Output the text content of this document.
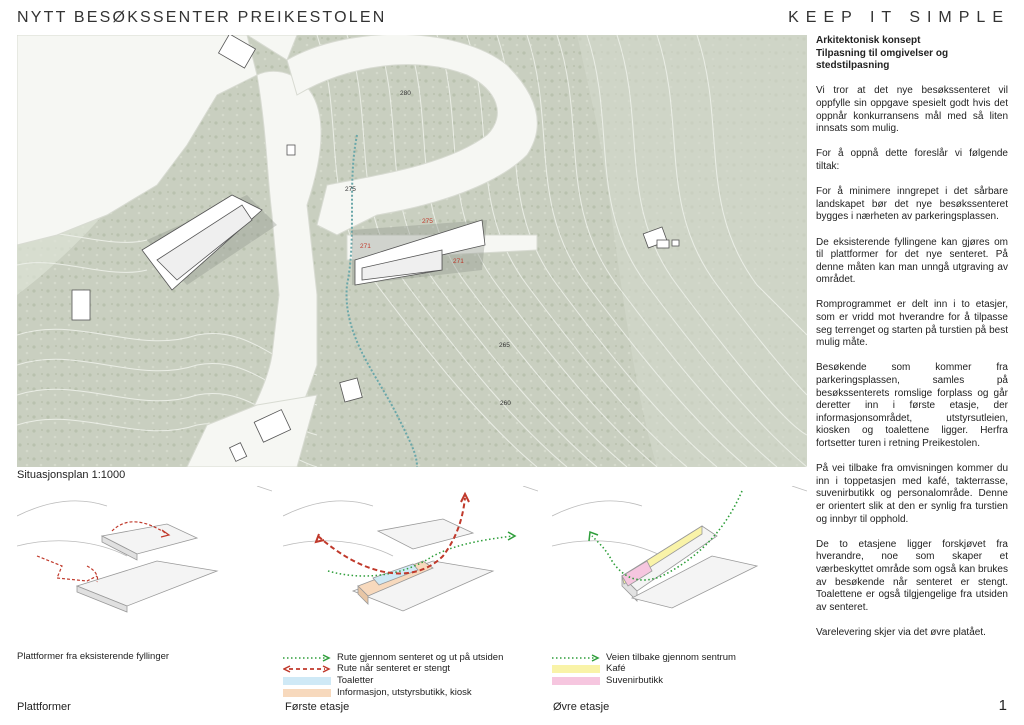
NYTT BESØKSSENTER PREIKESTOLEN	KEEP IT SIMPLE
280
275
275
271
271
265
260
Situasjonsplan 1:1000
Plattformer fra eksisterende fyllinger	Rute gjennom senteret og ut på utsiden
Rute når senteret er stengt
Toaletter
Informasjon, utstyrsbutikk, kiosk
Veien tilbake gjennom sentrum
Kafé
Suvenirbutikk
Plattformer	Første etasje	Øvre etasje
Arkitektonisk konsept
Tilpasning til omgivelser og stedstilpasning

Vi tror at det nye besøkssenteret vil oppfylle sin oppgave spesielt godt hvis det oppnår konkurransens mål med så liten innsats som mulig.

For å oppnå dette foreslår vi følgende tiltak:

For å minimere inngrepet i det sårbare landskapet bør det nye besøkssenteret bygges i nærheten av parkeringsplassen.

De eksisterende fyllingene kan gjøres om til plattformer for det nye senteret. På denne måten kan man unngå utgraving av området.

Romprogrammet er delt inn i to etasjer, som er vridd mot hverandre for å tilpasse seg terrenget og starten på turstien på best mulig måte.

Besøkende som kommer fra parkeringsplassen, samles på besøkssenterets romslige forplass og går deretter inn i første etasje, der informasjonsområdet, utstyrsutleien, kiosken og toalettene ligger. Herfra fortsetter turen i retning Preikestolen.

På vei tilbake fra omvisningen kommer du inn i toppetasjen med kafé, takterrasse, suvenirbutikk og personalområde. Denne er orientert slik at den er synlig fra turstien og innbyr til opphold.

De to etasjene ligger forskjøvet fra hverandre, noe som skaper et værbeskyttet område som også kan brukes av besøkende når senteret er stengt. Toalettene er også tilgjengelige fra utsiden av senteret.

Varelevering skjer via det øvre platået.

1
